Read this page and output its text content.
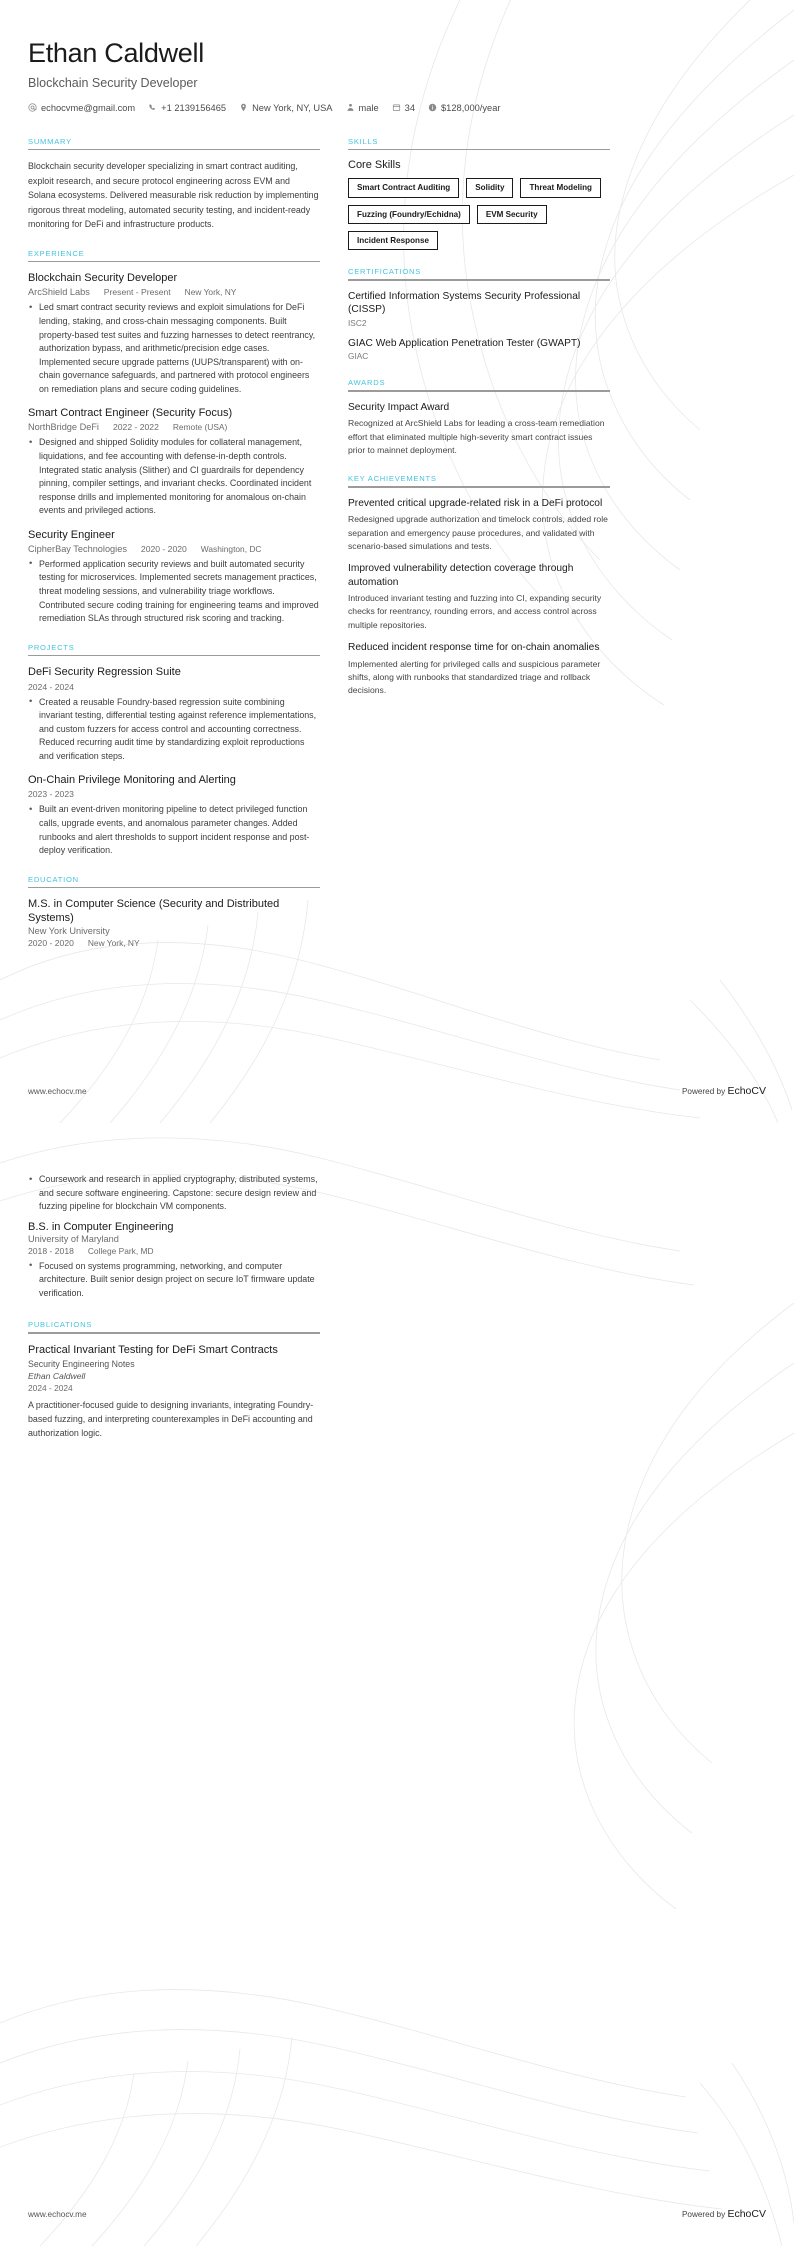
Ethan Caldwell
Blockchain Security Developer
echocvme@gmail.com	+1 2139156465	New York, NY, USA	male	34	$128,000/year
SUMMARY
Blockchain security developer specializing in smart contract auditing, exploit research, and secure protocol engineering across EVM and Solana ecosystems. Delivered measurable risk reduction by implementing rigorous threat modeling, automated security testing, and incident-ready monitoring for DeFi and infrastructure products.
EXPERIENCE
Blockchain Security Developer
ArcShield Labs Present - Present New York, NY
• Led smart contract security reviews and exploit simulations for DeFi lending, staking, and cross-chain messaging components. Built property-based test suites and fuzzing harnesses to detect reentrancy, authorization bypass, and arithmetic/precision edge cases. Implemented secure upgrade patterns (UUPS/transparent) with on-chain governance safeguards, and partnered with protocol engineers on remediation plans and secure coding guidelines.
Smart Contract Engineer (Security Focus)
NorthBridge DeFi 2022 - 2022 Remote (USA)
• Designed and shipped Solidity modules for collateral management, liquidations, and fee accounting with defense-in-depth controls. Integrated static analysis (Slither) and CI guardrails for dependency pinning, compiler settings, and invariant checks. Coordinated incident response drills and implemented monitoring for anomalous on-chain events and privileged actions.
Security Engineer
CipherBay Technologies 2020 - 2020 Washington, DC
• Performed application security reviews and built automated security testing for microservices. Implemented secrets management practices, threat modeling sessions, and vulnerability triage workflows. Contributed secure coding training for engineering teams and improved remediation SLAs through structured risk scoring and tracking.
PROJECTS
DeFi Security Regression Suite
2024 - 2024
• Created a reusable Foundry-based regression suite combining invariant testing, differential testing against reference implementations, and custom fuzzers for access control and accounting correctness. Reduced recurring audit time by standardizing exploit reproductions and verification steps.
On-Chain Privilege Monitoring and Alerting
2023 - 2023
• Built an event-driven monitoring pipeline to detect privileged function calls, upgrade events, and anomalous parameter changes. Added runbooks and alert thresholds to support incident response and post-deploy verification.
EDUCATION
M.S. in Computer Science (Security and Distributed Systems)
New York University
2020 - 2020 New York, NY
SKILLS
Core Skills
Smart Contract Auditing	Solidity	Threat Modeling
Fuzzing (Foundry/Echidna)	EVM Security
Incident Response
CERTIFICATIONS
Certified Information Systems Security Professional (CISSP)
ISC2
GIAC Web Application Penetration Tester (GWAPT)
GIAC
AWARDS
Security Impact Award
Recognized at ArcShield Labs for leading a cross-team remediation effort that eliminated multiple high-severity smart contract issues prior to mainnet deployment.
KEY ACHIEVEMENTS
Prevented critical upgrade-related risk in a DeFi protocol
Redesigned upgrade authorization and timelock controls, added role separation and emergency pause procedures, and validated with scenario-based simulations and tests.
Improved vulnerability detection coverage through automation
Introduced invariant testing and fuzzing into CI, expanding security checks for reentrancy, rounding errors, and access control across multiple repositories.
Reduced incident response time for on-chain anomalies
Implemented alerting for privileged calls and suspicious parameter shifts, along with runbooks that standardized triage and rollback decisions.
www.echocv.me	Powered by EchoCV
• Coursework and research in applied cryptography, distributed systems, and secure software engineering. Capstone: secure design review and fuzzing pipeline for blockchain VM components.
B.S. in Computer Engineering
University of Maryland
2018 - 2018 College Park, MD
• Focused on systems programming, networking, and computer architecture. Built senior design project on secure IoT firmware update verification.
PUBLICATIONS
Practical Invariant Testing for DeFi Smart Contracts
Security Engineering Notes
Ethan Caldwell
2024 - 2024
A practitioner-focused guide to designing invariants, integrating Foundry-based fuzzing, and interpreting counterexamples in DeFi accounting and authorization logic.
www.echocv.me	Powered by EchoCV
